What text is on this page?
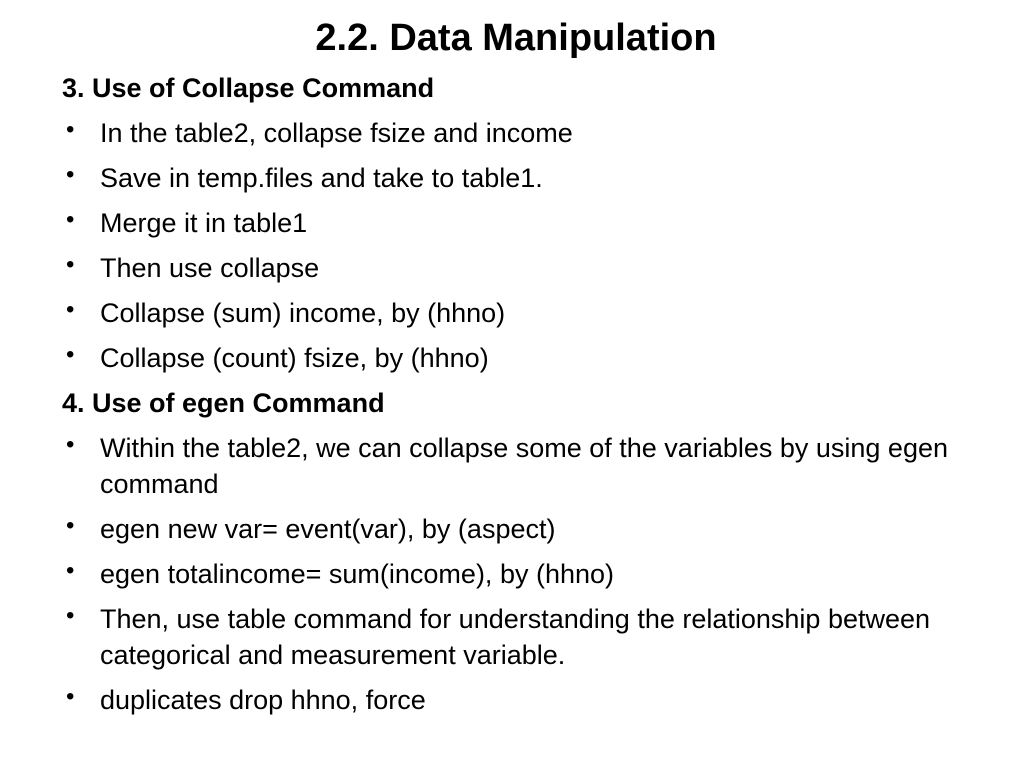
2.2. Data Manipulation
3. Use of Collapse Command
• In the table2, collapse fsize and income
• Save in temp.files and take to table1.
• Merge it in table1
• Then use collapse
• Collapse (sum) income, by (hhno)
• Collapse (count) fsize, by (hhno)
4. Use of egen Command
• Within the table2, we can collapse some of the variables by using egen command
• egen new var= event(var), by (aspect)
• egen totalincome= sum(income), by (hhno)
• Then, use table command for understanding the relationship between categorical and measurement variable.
• duplicates drop hhno, force
